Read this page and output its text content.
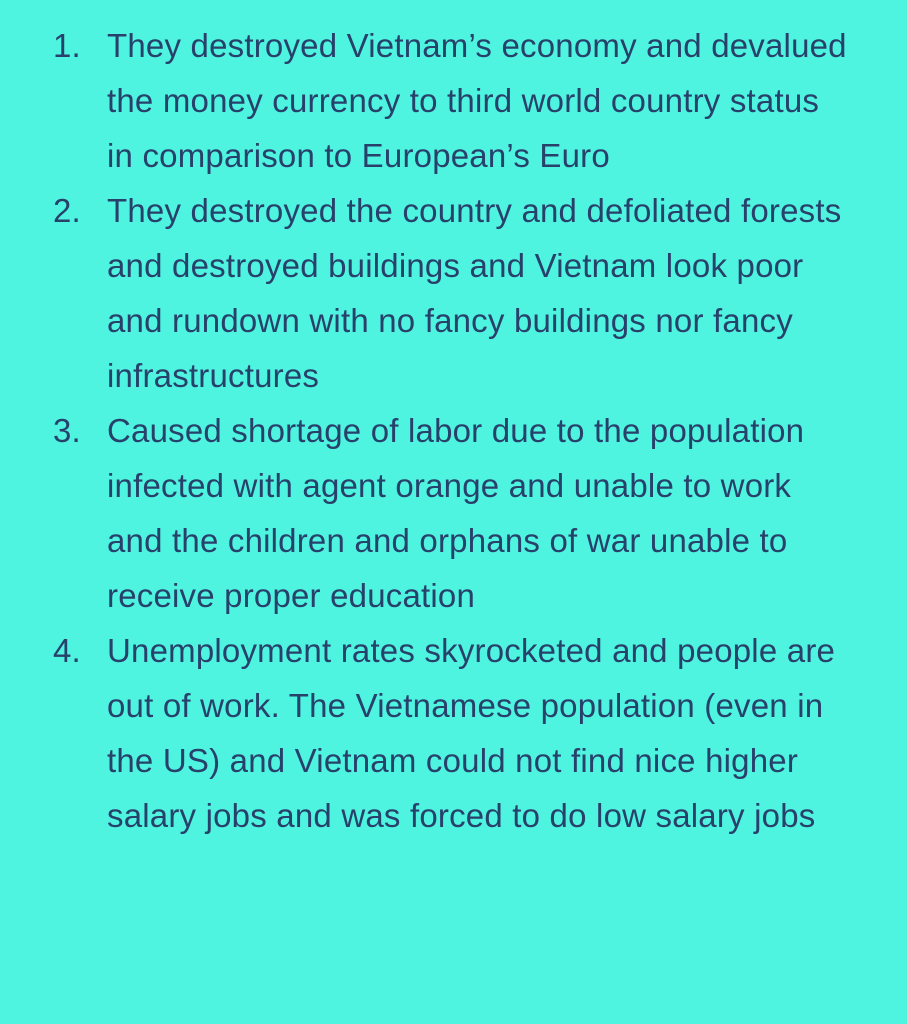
1. They destroyed Vietnam’s economy and devalued the money currency to third world country status in comparison to European’s Euro
2. They destroyed the country and defoliated forests and destroyed buildings and Vietnam look poor and rundown with no fancy buildings nor fancy infrastructures
3. Caused shortage of labor due to the population infected with agent orange and unable to work and the children and orphans of war unable to receive proper education
4. Unemployment rates skyrocketed and people are out of work. The Vietnamese population (even in the US) and Vietnam could not find nice higher salary jobs and was forced to do low salary jobs
